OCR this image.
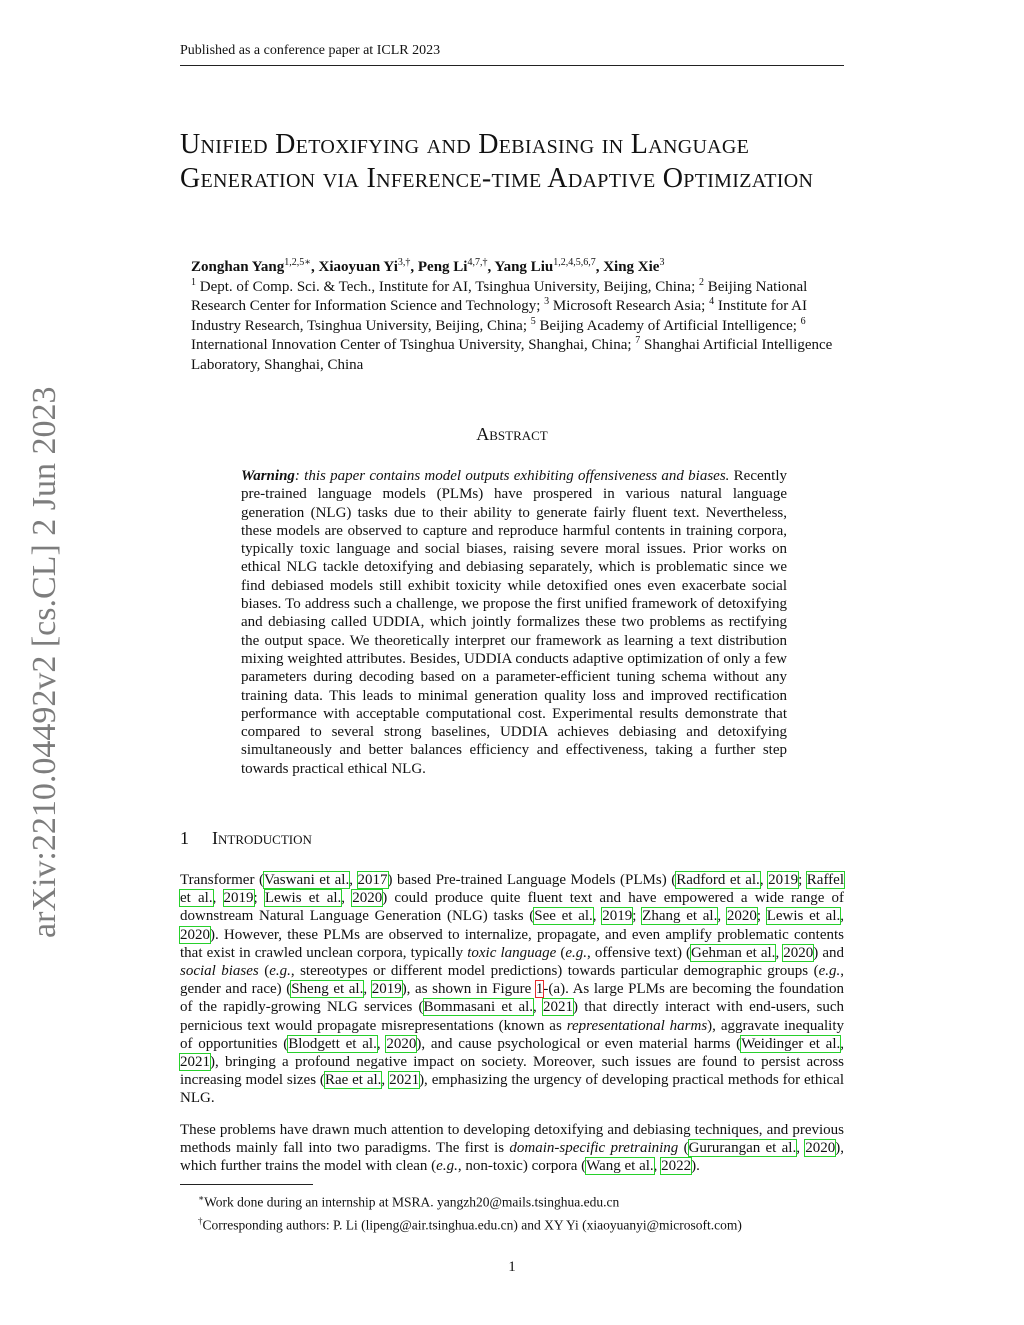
Published as a conference paper at ICLR 2023
arXiv:2210.04492v2 [cs.CL] 2 Jun 2023
Unified Detoxifying and Debiasing in Language Generation via Inference-time Adaptive Optimization
Zonghan Yang$^{1,2,5∗}$, Xiaoyuan $Yi^{3,\dagger}$, Peng $Li^{4,7,\dagger}$, Yang Liu$^{1,2,4,5,6,7}$, Xing Xie$^3$
$^1$ Dept. of Comp. Sci. & Tech., Institute for AI, Tsinghua University, Beijing, China; $^2$ Beijing National Research Center for Information Science and Technology; $^3$ Microsoft Research Asia; $^4$ Institute for AI Industry Research, Tsinghua University, Beijing, China; $^5$ Beijing Academy of Artificial Intelligence; $^6$ International Innovation Center of Tsinghua University, Shanghai, China; $^7$ Shanghai Artificial Intelligence Laboratory, Shanghai, China
Abstract

Warning: this paper contains model outputs exhibiting offensiveness and biases. Recently pre-trained language models (PLMs) have prospered in various natural language generation (NLG) tasks due to their ability to generate fairly fluent text. Nevertheless, these models are observed to capture and reproduce harmful contents in training corpora, typically toxic language and social biases, raising severe moral issues. Prior works on ethical NLG tackle detoxifying and debiasing separately, which is problematic since we find debiased models still exhibit toxicity while detoxified ones even exacerbate social biases. To address such a challenge, we propose the first unified framework of detoxifying and debiasing called UDDIA, which jointly formalizes these two problems as rectifying the output space. We theoretically interpret our framework as learning a text distribution mixing weighted attributes. Besides, UDDIA conducts adaptive optimization of only a few parameters during decoding based on a parameter-efficient tuning schema without any training data. This leads to minimal generation quality loss and improved rectification performance with acceptable computational cost. Experimental results demonstrate that compared to several strong baselines, UDDIA achieves debiasing and detoxifying simultaneously and better balances efficiency and effectiveness, taking a further step towards practical ethical NLG.

1 Introduction

Transformer (Vaswani et al., 2017) based Pre-trained Language Models (PLMs) (Radford et al., 2019; Raffel et al., 2019; Lewis et al., 2020) could produce quite fluent text and have empowered a wide range of downstream Natural Language Generation (NLG) tasks (See et al., 2019; Zhang et al., 2020; Lewis et al., 2020). However, these PLMs are observed to internalize, propagate, and even amplify problematic contents that exist in crawled unclean corpora, typically toxic language (e.g., offensive text) (Gehman et al., 2020) and social biases (e.g., stereotypes or different model predictions) towards particular demographic groups (e.g., gender and race) (Sheng et al., 2019), as shown in Figure 1-(a). As large PLMs are becoming the foundation of the rapidly-growing NLG services (Bommasani et al., 2021) that directly interact with end-users, such pernicious text would propagate misrepresentations (known as representational harms), aggravate inequality of opportunities (Blodgett et al., 2020), and cause psychological or even material harms (Weidinger et al., 2021), bringing a profound negative impact on society. Moreover, such issues are found to persist across increasing model sizes (Rae et al., 2021), emphasizing the urgency of developing practical methods for ethical NLG.

These problems have drawn much attention to developing detoxifying and debiasing techniques, and previous methods mainly fall into two paradigms. The first is domain-specific pretraining (Gururangan et al., 2020), which further trains the model with clean (e.g., non-toxic) corpora (Wang et al., 2022).

∗Work done during an internship at MSRA. yangzh20@mails.tsinghua.edu.cn
†Corresponding authors: P. Li (lipeng@air.tsinghua.edu.cn) and XY Yi (xiaoyuanyi@microsoft.com)
1
